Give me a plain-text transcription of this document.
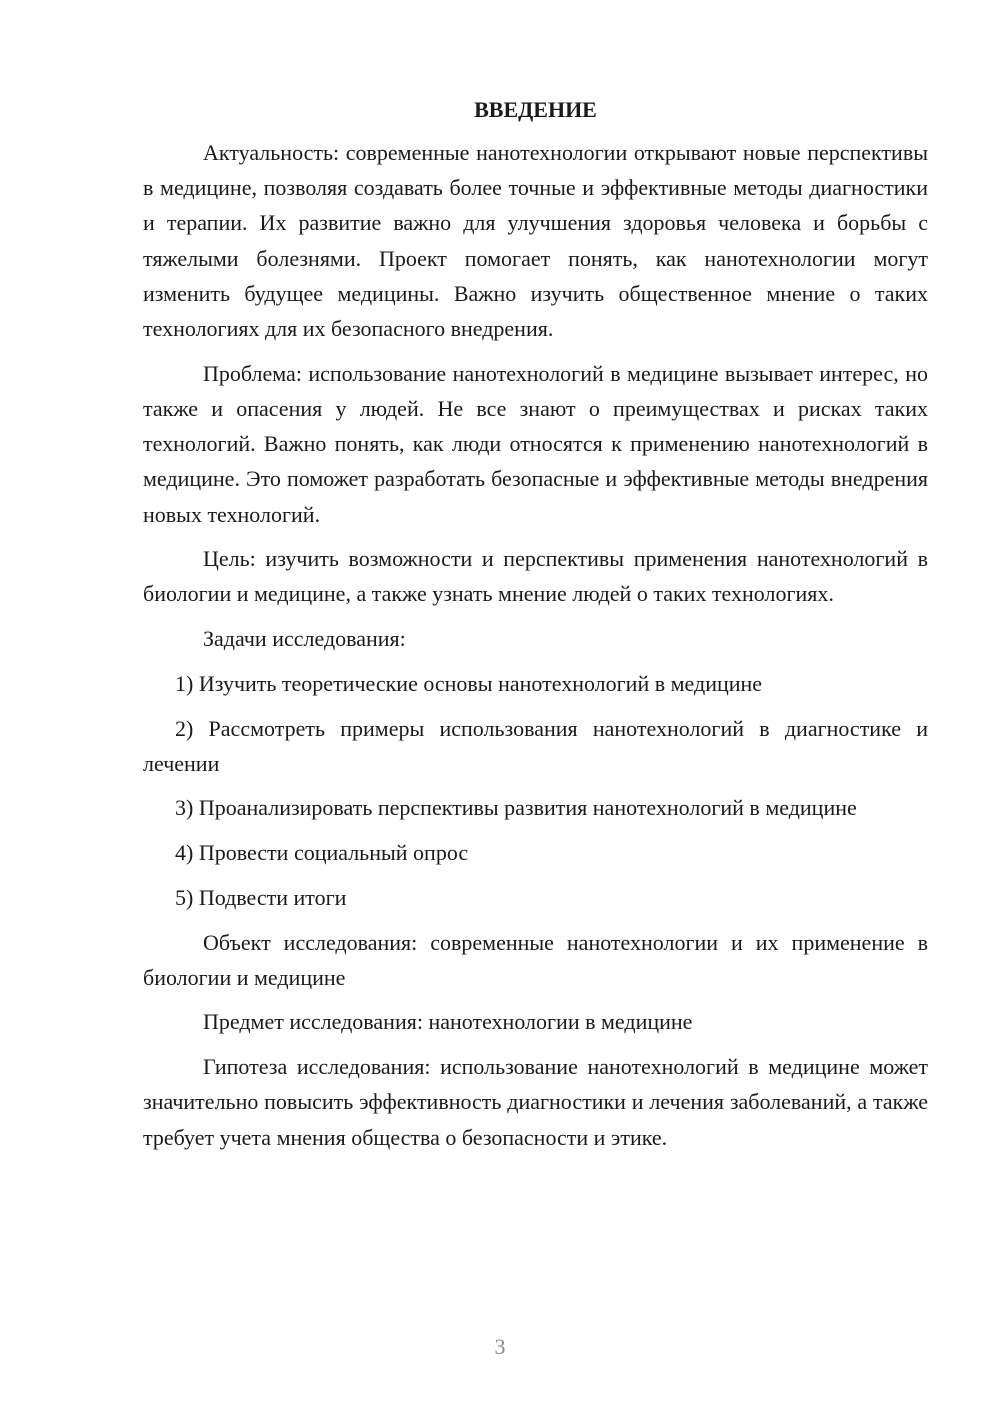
ВВЕДЕНИЕ

Актуальность: современные нанотехнологии открывают новые перспективы в медицине, позволяя создавать более точные и эффективные методы диагностики и терапии. Их развитие важно для улучшения здоровья человека и борьбы с тяжелыми болезнями. Проект помогает понять, как нанотехнологии могут изменить будущее медицины. Важно изучить общественное мнение о таких технологиях для их безопасного внедрения.

Проблема: использование нанотехнологий в медицине вызывает интерес, но также и опасения у людей. Не все знают о преимуществах и рисках таких технологий. Важно понять, как люди относятся к применению нанотехнологий в медицине. Это поможет разработать безопасные и эффективные методы внедрения новых технологий.

Цель: изучить возможности и перспективы применения нанотехнологий в биологии и медицине, а также узнать мнение людей о таких технологиях.

Задачи исследования:

1) Изучить теоретические основы нанотехнологий в медицине

2) Рассмотреть примеры использования нанотехнологий в диагностике и лечении

3) Проанализировать перспективы развития нанотехнологий в медицине

4) Провести социальный опрос

5) Подвести итоги

Объект исследования: современные нанотехнологии и их применение в биологии и медицине

Предмет исследования: нанотехнологии в медицине

Гипотеза исследования: использование нанотехнологий в медицине может значительно повысить эффективность диагностики и лечения заболеваний, а также требует учета мнения общества о безопасности и этике.

3
